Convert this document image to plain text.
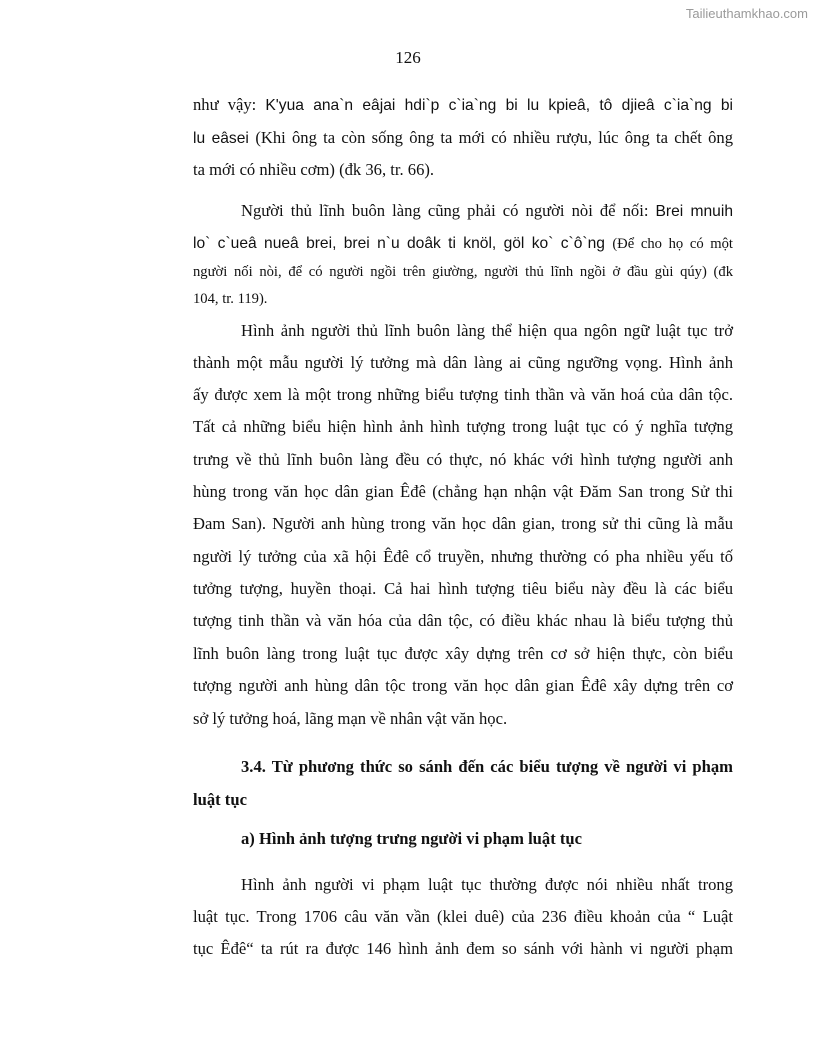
Tailieuthamkhao.com
126
như vậy: K'yua ana`n eâjai hdi`p c`ia`ng bi lu kpieâ, tô djieâ c`ia`ng bi
lu eâsei (Khi ông ta còn sống ông ta mới có nhiều rượu, lúc ông ta chết ông
ta mới có nhiều cơm) (đk 36, tr. 66).
Người thủ lĩnh buôn làng cũng phải có người nòi để nối: Brei mnuih
lo` c`ueâ nueâ brei, brei n`u doâk ti knöl, göl ko` c`ô`ng (Để cho họ có một
người nối nòi, để có người ngồi trên giường, người thủ lĩnh ngồi ở đầu gùi qúy) (đk
104, tr. 119).
Hình ảnh người thủ lĩnh buôn làng thể hiện qua ngôn ngữ luật tục trở
thành một mẫu người lý tưởng mà dân làng ai cũng ngưỡng vọng. Hình ảnh
ấy được xem là một trong những biểu tượng tinh thần và văn hoá của dân tộc.
Tất cả những biểu hiện hình ảnh hình tượng trong luật tục có ý nghĩa tượng
trưng về thủ lĩnh buôn làng đều có thực, nó khác với hình tượng người anh
hùng trong văn học dân gian Êđê (chẳng hạn nhận vật Đăm San trong Sử thi
Đam San). Người anh hùng trong văn học dân gian, trong sử thi cũng là mẫu
người lý tưởng của xã hội Êđê cổ truyền, nhưng thường có pha nhiều yếu tố
tưởng tượng, huyền thoại. Cả hai hình tượng tiêu biểu này đều là các biểu
tượng tinh thần và văn hóa của dân tộc, có điều khác nhau là biểu tượng thủ
lĩnh buôn làng trong luật tục được xây dựng trên cơ sở hiện thực, còn biểu
tượng người anh hùng dân tộc trong văn học dân gian Êđê xây dựng trên cơ
sở lý tưởng hoá, lãng mạn về nhân vật văn học.
3.4. Từ phương thức so sánh đến các biểu tượng về người vi phạm
luật tục
a) Hình ảnh tượng trưng người vi phạm luật tục
Hình ảnh người vi phạm luật tục thường được nói nhiều nhất trong
luật tục. Trong 1706 câu văn vần (klei duê) của 236 điều khoản của “ Luật
tục Êđê“ ta rút ra được 146 hình ảnh đem so sánh với hành vi người phạm
